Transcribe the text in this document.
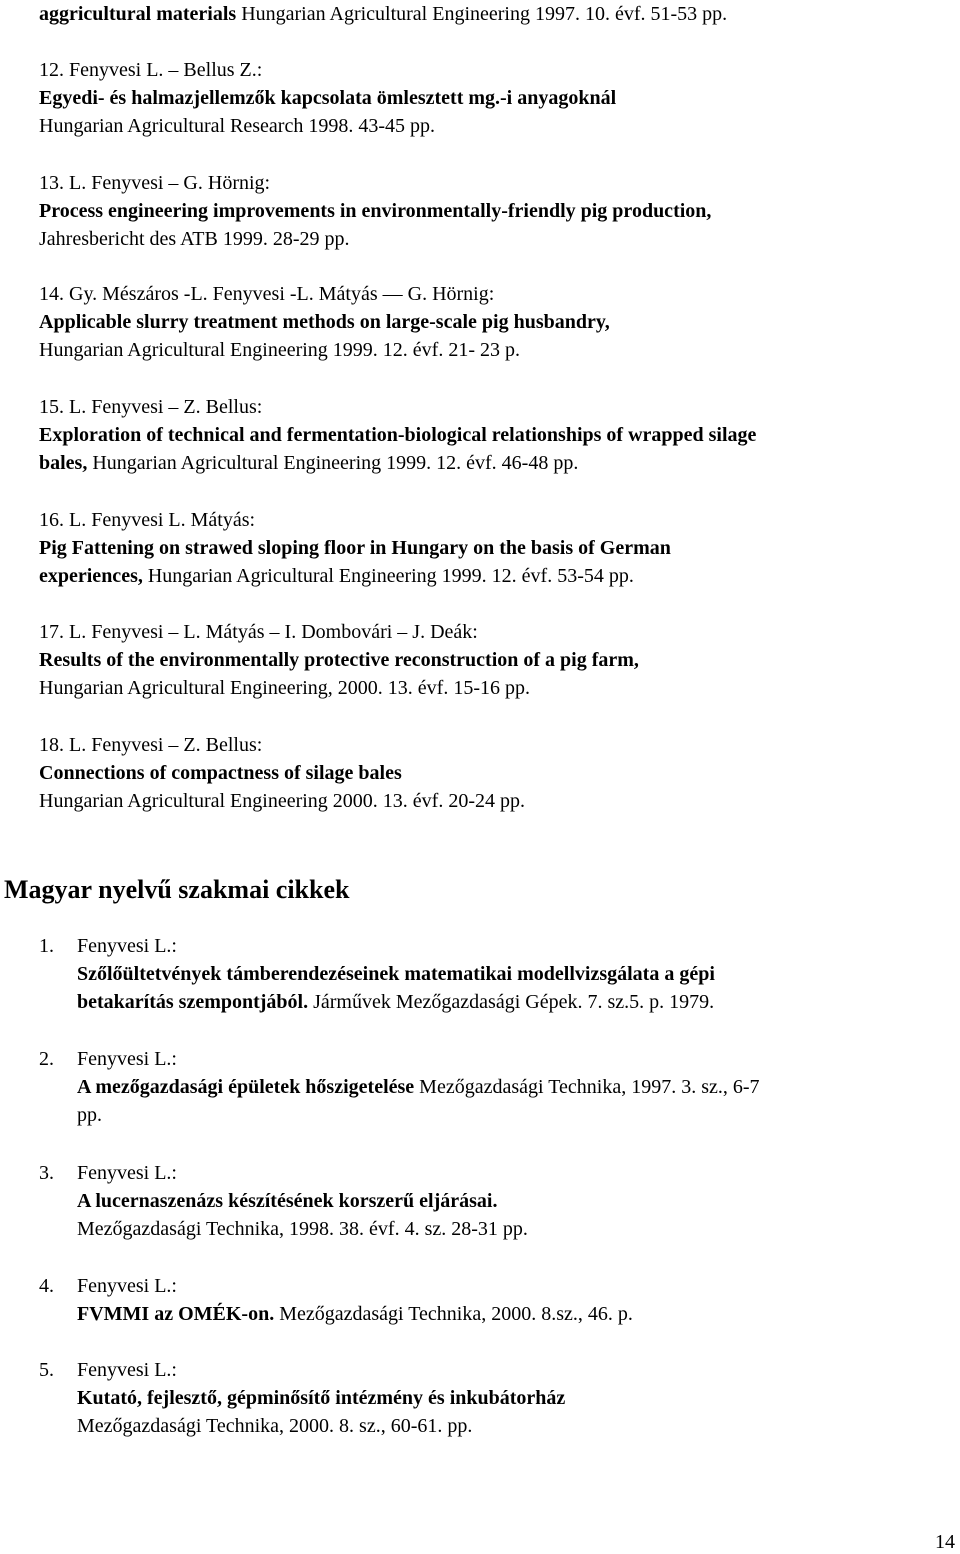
aggricultural materials Hungarian Agricultural Engineering 1997. 10. évf. 51-53 pp.
12. Fenyvesi L. – Bellus Z.:
Egyedi- és halmazjellemzők kapcsolata ömlesztett mg.-i anyagoknál
Hungarian Agricultural Research 1998. 43-45 pp.
13. L. Fenyvesi – G. Hörnig:
Process engineering improvements in environmentally-friendly pig production,
Jahresbericht des ATB 1999. 28-29 pp.
14. Gy. Mészáros -L. Fenyvesi -L. Mátyás — G. Hörnig:
Applicable slurry treatment methods on large-scale pig husbandry,
Hungarian Agricultural Engineering 1999. 12. évf. 21- 23 p.
15. L. Fenyvesi – Z. Bellus:
Exploration of technical and fermentation-biological relationships of wrapped silage
bales, Hungarian Agricultural Engineering 1999. 12. évf. 46-48 pp.
16. L. Fenyvesi L. Mátyás:
Pig Fattening on strawed sloping floor in Hungary on the basis of German
experiences, Hungarian Agricultural Engineering 1999. 12. évf. 53-54 pp.
17. L. Fenyvesi – L. Mátyás – I. Dombovári – J. Deák:
Results of the environmentally protective reconstruction of a pig farm,
Hungarian Agricultural Engineering, 2000. 13. évf. 15-16 pp.
18. L. Fenyvesi – Z. Bellus:
Connections of compactness of silage bales
Hungarian Agricultural Engineering 2000. 13. évf. 20-24 pp.
Magyar nyelvű szakmai cikkek
1. Fenyvesi L.:
Szőlőültetvények támberendezéseinek matematikai modellvizsgálata a gépi
betakarítás szempontjából. Járművek Mezőgazdasági Gépek. 7. sz.5. p. 1979.
2. Fenyvesi L.:
A mezőgazdasági épületek hőszigetelése Mezőgazdasági Technika, 1997. 3. sz., 6-7
pp.
3. Fenyvesi L.:
A lucernaszenázs készítésének korszerű eljárásai.
Mezőgazdasági Technika, 1998. 38. évf. 4. sz. 28-31 pp.
4. Fenyvesi L.:
FVMMI az OMÉK-on. Mezőgazdasági Technika, 2000. 8.sz., 46. p.
5. Fenyvesi L.:
Kutató, fejlesztő, gépminősítő intézmény és inkubátorház
Mezőgazdasági Technika, 2000. 8. sz., 60-61. pp.
14
